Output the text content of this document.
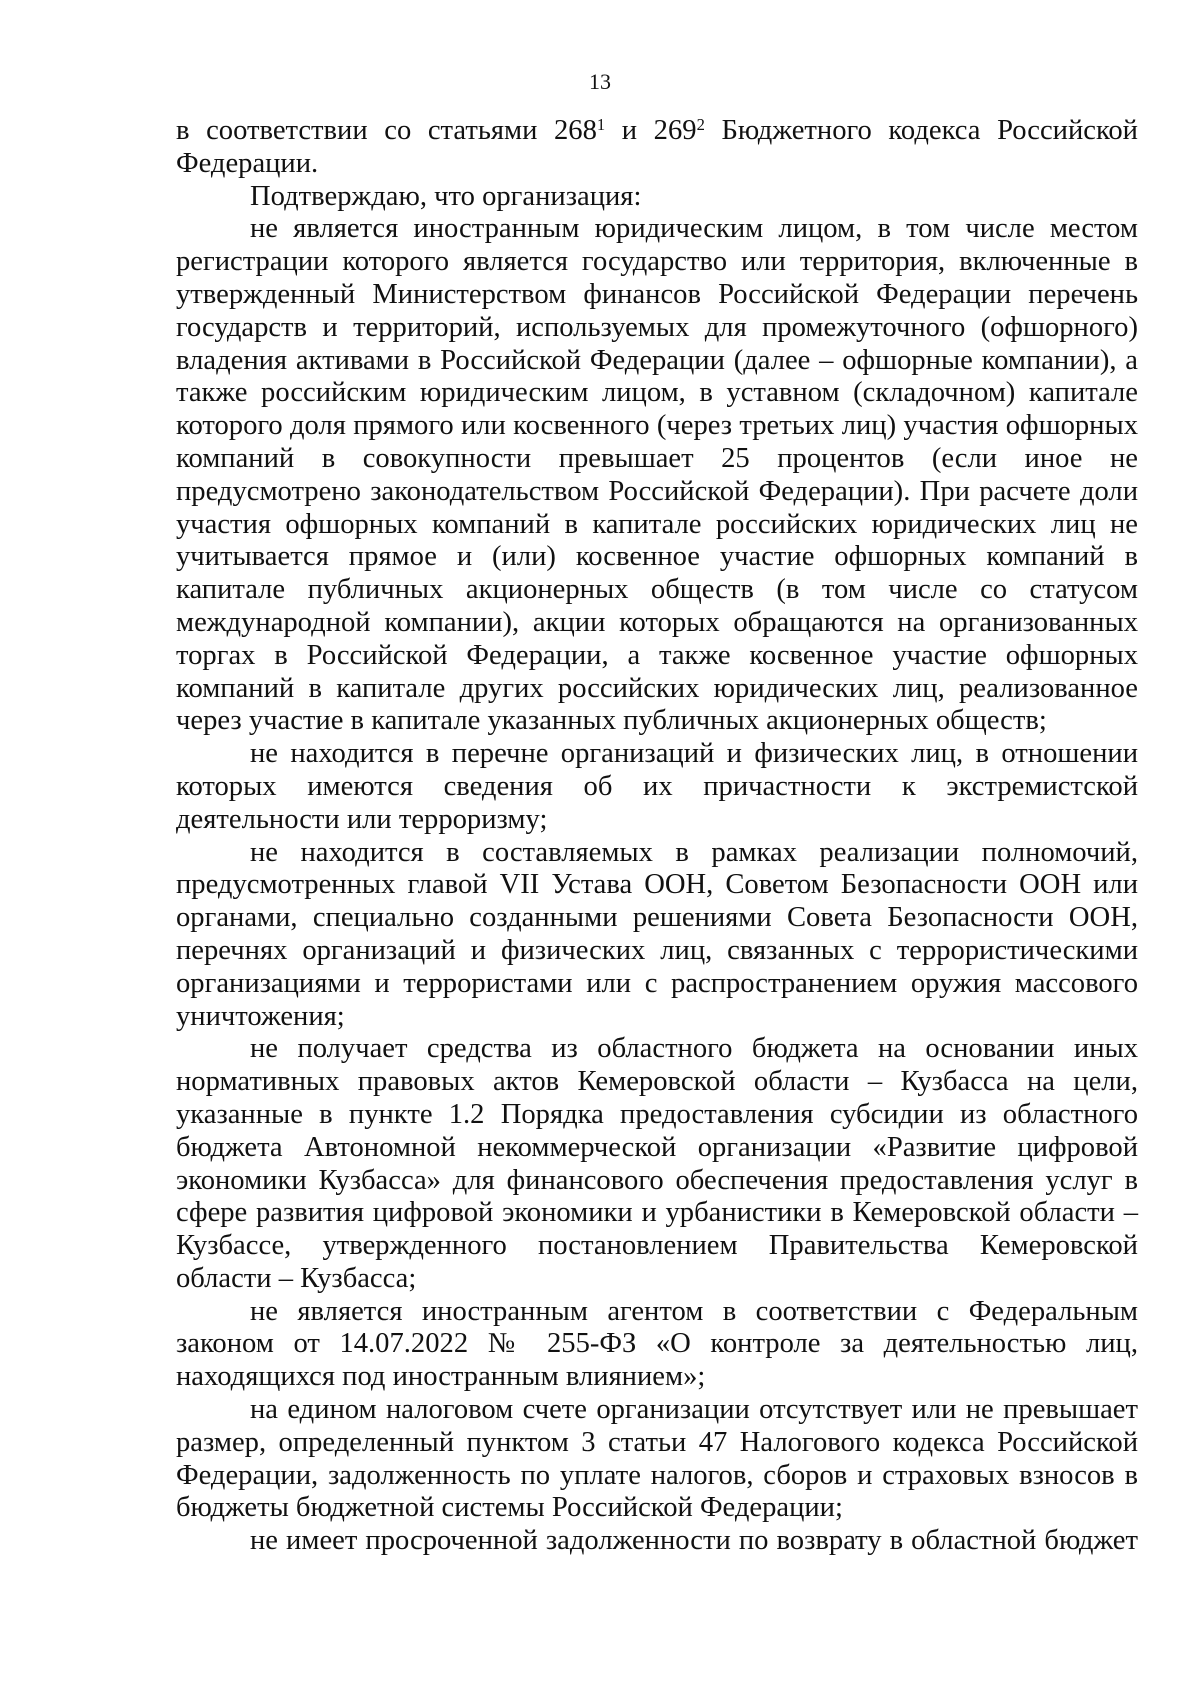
13

в соответствии со статьями $268^1$ и $269^2$ Бюджетного кодекса Российской Федерации.

Подтверждаю, что организация:

не является иностранным юридическим лицом, в том числе местом регистрации которого является государство или территория, включенные в утвержденный Министерством финансов Российской Федерации перечень государств и территорий, используемых для промежуточного (офшорного) владения активами в Российской Федерации (далее – офшорные компании), а также российским юридическим лицом, в уставном (складочном) капитале которого доля прямого или косвенного (через третьих лиц) участия офшорных компаний в совокупности превышает 25 процентов (если иное не предусмотрено законодательством Российской Федерации). При расчете доли участия офшорных компаний в капитале российских юридических лиц не учитывается прямое и (или) косвенное участие офшорных компаний в капитале публичных акционерных обществ (в том числе со статусом международной компании), акции которых обращаются на организованных торгах в Российской Федерации, а также косвенное участие офшорных компаний в капитале других российских юридических лиц, реализованное через участие в капитале указанных публичных акционерных обществ;

не находится в перечне организаций и физических лиц, в отношении которых имеются сведения об их причастности к экстремистской деятельности или терроризму;

не находится в составляемых в рамках реализации полномочий, предусмотренных главой VII Устава ООН, Советом Безопасности ООН или органами, специально созданными решениями Совета Безопасности ООН, перечнях организаций и физических лиц, связанных с террористическими организациями и террористами или с распространением оружия массового уничтожения;

не получает средства из областного бюджета на основании иных нормативных правовых актов Кемеровской области – Кузбасса на цели, указанные в пункте 1.2 Порядка предоставления субсидии из областного бюджета Автономной некоммерческой организации «Развитие цифровой экономики Кузбасса» для финансового обеспечения предоставления услуг в сфере развития цифровой экономики и урбанистики в Кемеровской области – Кузбассе, утвержденного постановлением Правительства Кемеровской области – Кузбасса;

не является иностранным агентом в соответствии с Федеральным законом от 14.07.2022 № 255-ФЗ «О контроле за деятельностью лиц, находящихся под иностранным влиянием»;

на едином налоговом счете организации отсутствует или не превышает размер, определенный пунктом 3 статьи 47 Налогового кодекса Российской Федерации, задолженность по уплате налогов, сборов и страховых взносов в бюджеты бюджетной системы Российской Федерации;

не имеет просроченной задолженности по возврату в областной бюджет
